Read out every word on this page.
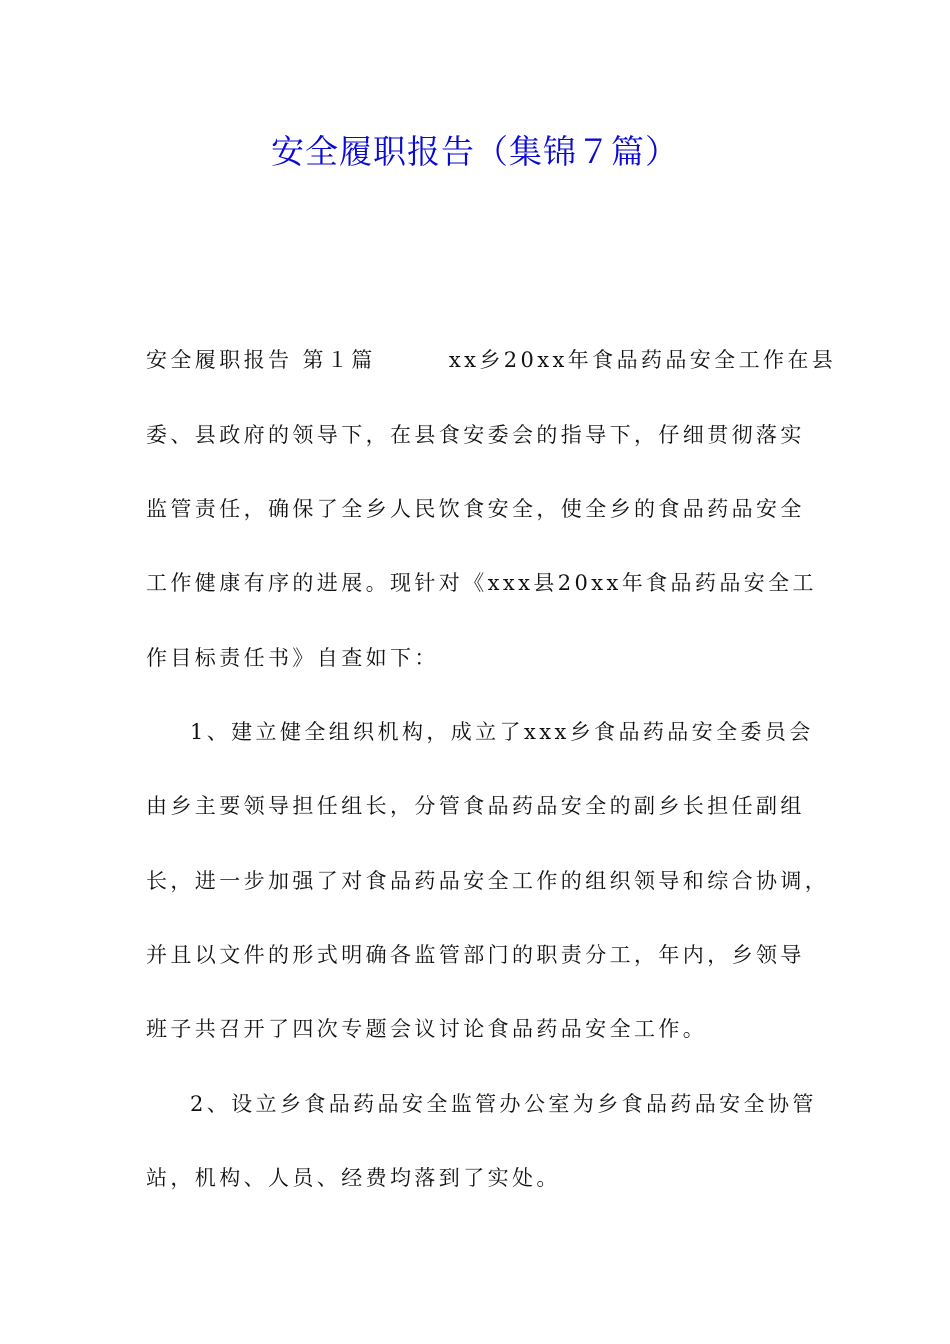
安全履职报告（集锦７篇）
安全履职报告 第１篇　　　xx乡20xx年食品药品安全工作在县
委、县政府的领导下，在县食安委会的指导下，仔细贯彻落实
监管责任，确保了全乡人民饮食安全，使全乡的食品药品安全
工作健康有序的进展。现针对《xxx县20xx年食品药品安全工
作目标责任书》自查如下：
1、建立健全组织机构，成立了xxx乡食品药品安全委员会
由乡主要领导担任组长，分管食品药品安全的副乡长担任副组
长，进一步加强了对食品药品安全工作的组织领导和综合协调，
并且以文件的形式明确各监管部门的职责分工，年内，乡领导
班子共召开了四次专题会议讨论食品药品安全工作。
2、设立乡食品药品安全监管办公室为乡食品药品安全协管
站，机构、人员、经费均落到了实处。
